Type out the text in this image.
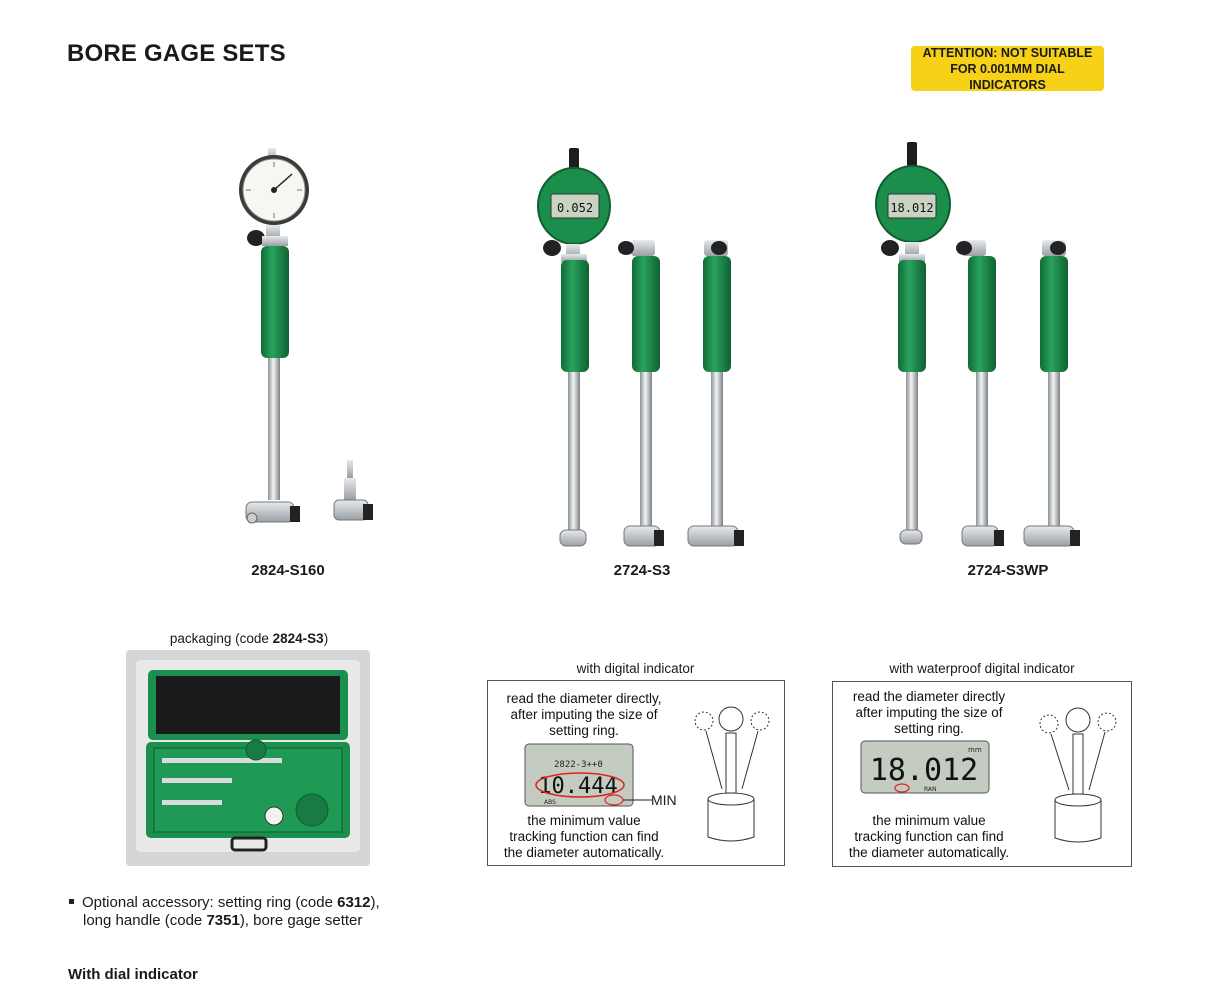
BORE GAGE SETS	ATTENTION: NOT SUITABLE
FOR 0.001MM DIAL INDICATORS
0.052	18.012
2824-S160	2724-S3	2724-S3WP
packaging (code 2824-S3)
with digital indicator
read the diameter directly,
after imputing the size of
setting ring.
2822-3++0
10.444
ABS	MIN
the minimum value
tracking function can find
the diameter automatically.
with waterproof digital indicator
read the diameter directly
after imputing the size of
setting ring.
18.012
mm
RAN
the minimum value
tracking function can find
the diameter automatically.
Optional accessory: setting ring (code 6312),
long handle (code 7351), bore gage setter
With dial indicator
